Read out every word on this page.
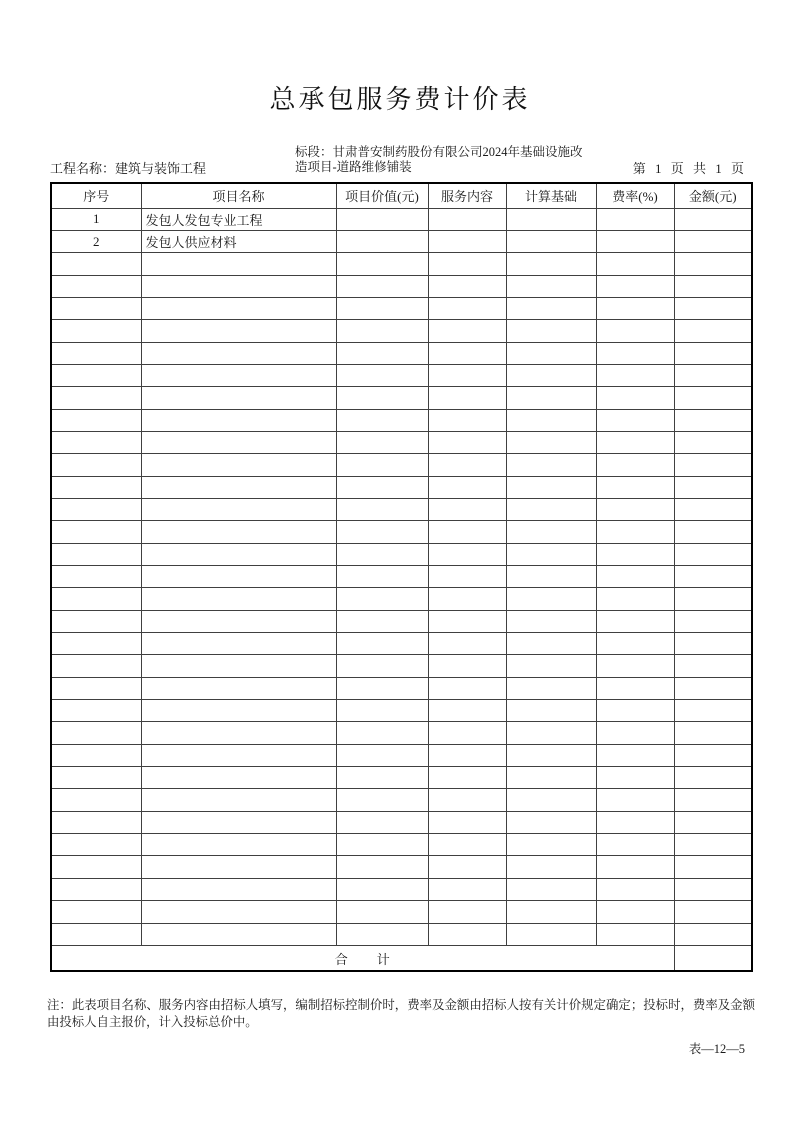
总承包服务费计价表
工程名称：建筑与装饰工程
标段：甘肃普安制药股份有限公司2024年基础设施改造项目-道路维修铺装	第 1 页 共 1 页
序号	项目名称	项目价值(元)	服务内容	计算基础	费率(%)	金额(元)
1	发包人发包专业工程					
2	发包人供应材料					

合　　计						
注：此表项目名称、服务内容由招标人填写，编制招标控制价时，费率及金额由招标人按有关计价规定确定；投标时，费率及金额由投标人自主报价，计入投标总价中。
表—12—5
